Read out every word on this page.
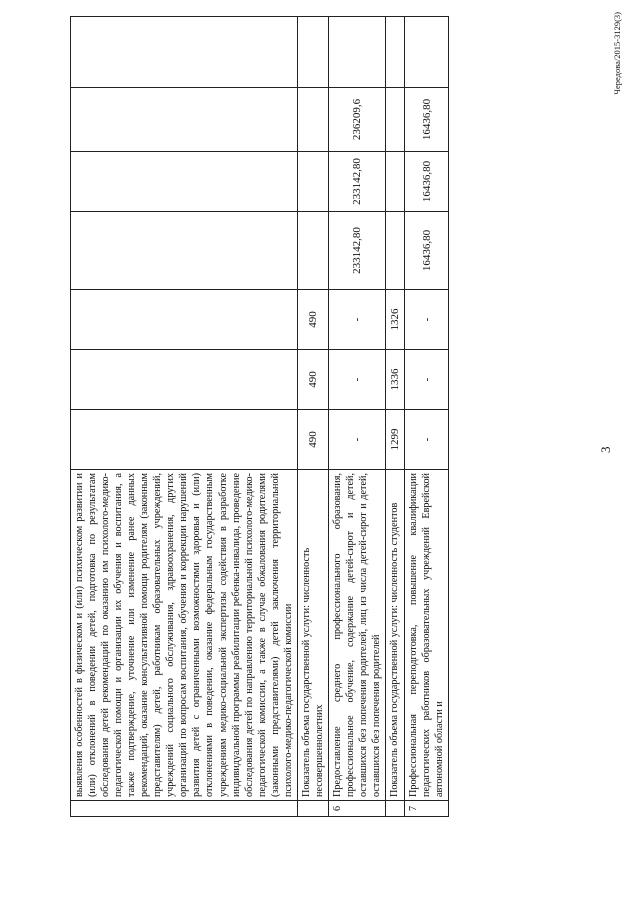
	выявления особенностей в физическом и (или) психическом развитии и (или) отклонений в поведении детей, подготовка по результатам обследования детей рекомендаций по оказанию им психолого-медико-педагогической помощи и организации их обучения и воспитания, а также подтверждение, уточнение или изменение ранее данных рекомендаций, оказание консультативной помощи родителям (законным представителям) детей, работникам образовательных учреждений, учреждений социального обслуживания, здравоохранения, других организаций по вопросам воспитания, обучения и коррекции нарушений развития детей с ограниченными возможностями здоровья и (или) отклонениями в поведении, оказание федеральным государственным учреждениям медико-социальной экспертизы содействия в разработке индивидуальной программы реабилитации ребенка-инвалида, проведение обследования детей по направлению территориальной психолого-медико-педагогической комиссии, а также в случае обжалования родителями (законными представителями) детей заключения территориальной психолого-медико-педагогической комиссии							
	Показатель объема государственной услуги: численность несовершеннолетних	490	490	490				
6	Предоставление среднего профессионального образования, профессиональное обучение, содержание детей-сирот и детей, оставшихся без попечения родителей, лиц из числа детей-сирот и детей, оставшихся без попечения родителей	-	-	-	233142,80	233142,80	236209,6	
	Показатель объема государственной услуги: численность студентов	1299	1336	1326				
7	Профессиональная переподготовка, повышение квалификации педагогических работников образовательных учреждений Еврейской автономной области и	-	-	-	16436,80	16436,80	16436,80	
3
Чередова/2015-3129(3)
